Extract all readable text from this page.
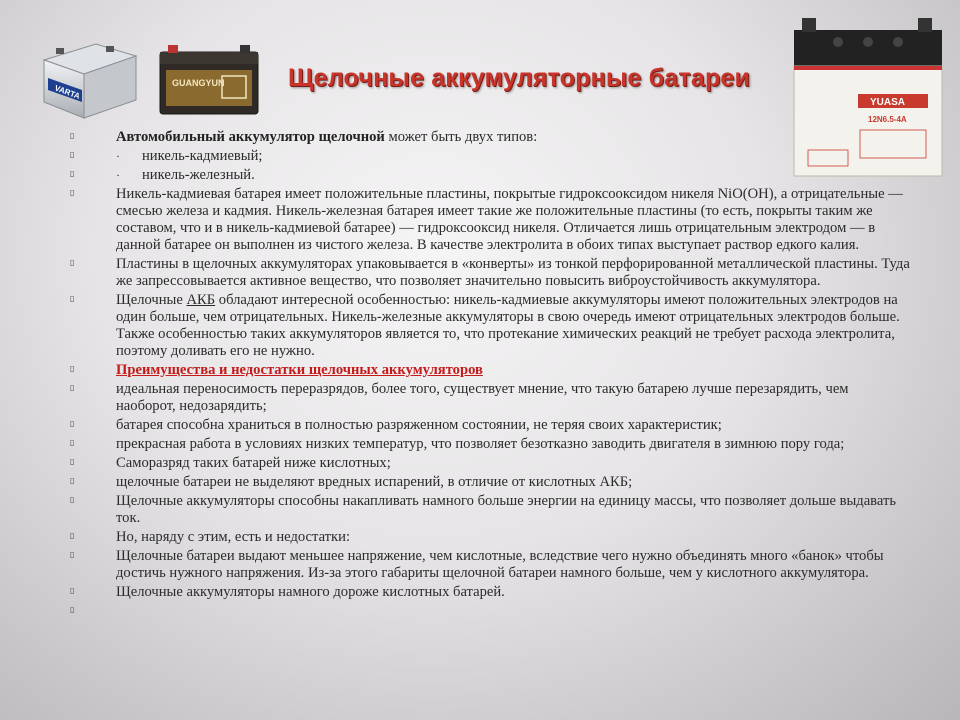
Щелочные аккумуляторные батареи
VARTA
GUANGYUN
YUASA
12N6.5-4A
▯	Автомобильный аккумулятор щелочной может быть двух типов:
▯	· никель-кадмиевый;
▯	· никель-железный.
▯	Никель-кадмиевая батарея имеет положительные пластины, покрытые гидроксооксидом никеля NiO(OH), а отрицательные — смесью железа и кадмия. Никель-железная батарея имеет такие же положительные пластины (то есть, покрыты таким же составом, что и в никель-кадмиевой батарее) — гидроксооксид никеля. Отличается лишь отрицательным электродом — в данной батарее он выполнен из чистого железа. В качестве электролита в обоих типах выступает раствор едкого калия.
▯	Пластины в щелочных аккумуляторах упаковывается в «конверты» из тонкой перфорированной металлической пластины. Туда же запрессовывается активное вещество, что позволяет значительно повысить виброустойчивость аккумулятора.
▯	Щелочные АКБ обладают интересной особенностью: никель-кадмиевые аккумуляторы имеют положительных электродов на один больше, чем отрицательных. Никель-железные аккумуляторы в свою очередь имеют отрицательных электродов больше. Также особенностью таких аккумуляторов является то, что протекание химических реакций не требует расхода электролита, поэтому доливать его не нужно.
▯	Преимущества и недостатки щелочных аккумуляторов
▯	идеальная переносимость переразрядов, более того, существует мнение, что такую батарею лучше перезарядить, чем наоборот, недозарядить;
▯	батарея способна храниться в полностью разряженном состоянии, не теряя своих характеристик;
▯	прекрасная работа в условиях низких температур, что позволяет безотказно заводить двигателя в зимнюю пору года;
▯	Саморазряд таких батарей ниже кислотных;
▯	щелочные батареи не выделяют вредных испарений, в отличие от кислотных АКБ;
▯	Щелочные аккумуляторы способны накапливать намного больше энергии на единицу массы, что позволяет дольше выдавать ток.
▯	Но, наряду с этим, есть и недостатки:
▯	Щелочные батареи выдают меньшее напряжение, чем кислотные, вследствие чего нужно объединять много «банок» чтобы достичь нужного напряжения. Из-за этого габариты щелочной батареи намного больше, чем у кислотного аккумулятора.
▯	Щелочные аккумуляторы намного дороже кислотных батарей.
▯
